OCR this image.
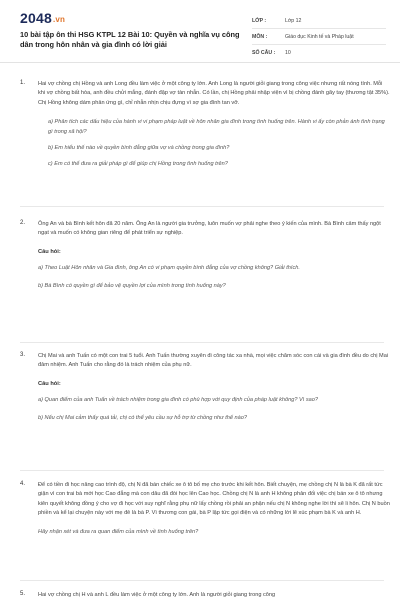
2048.vn
10 bài tập ôn thi HSG KTPL 12 Bài 10: Quyền và nghĩa vụ công dân trong hôn nhân và gia đình có lời giải
LỚP :	Lớp 12
MÔN :	Giáo dục Kinh tế và Pháp luật
SỐ CÂU :	10
1. Hai vợ chồng chị Hồng và anh Long đều làm việc ở một công ty lớn. Anh Long là người giỏi giang trong công việc nhưng rất nóng tính. Mỗi khi vợ chồng bất hòa, anh đều chửi mắng, đánh đập vợ tàn nhẫn. Có lần, chị Hồng phải nhập viện vì bị chồng đánh gãy tay (thương tật 35%). Chị Hồng không dám phản ứng gì, chỉ nhẫn nhịn chịu đựng vì sợ gia đình tan vỡ.

a) Phân tích các dấu hiệu của hành vi vi phạm pháp luật về hôn nhân gia đình trong tình huống trên. Hành vi ấy còn phản ánh tình trạng gì trong xã hội?

b) Em hiểu thế nào về quyền bình đẳng giữa vợ và chồng trong gia đình?

c) Em có thể đưa ra giải pháp gì để giúp chị Hồng trong tình huống trên?

2. Ông An và bà Bình kết hôn đã 20 năm. Ông An là người gia trưởng, luôn muốn vợ phải nghe theo ý kiến của mình. Bà Bình cảm thấy ngột ngạt và muốn có không gian riêng để phát triển sự nghiệp.

Câu hỏi:

a) Theo Luật Hôn nhân và Gia đình, ông An có vi phạm quyền bình đẳng của vợ chồng không? Giải thích.

b) Bà Bình có quyền gì để bảo vệ quyền lợi của mình trong tình huống này?

3. Chị Mai và anh Tuấn có một con trai 5 tuổi. Anh Tuấn thường xuyên đi công tác xa nhà, mọi việc chăm sóc con cái và gia đình đều do chị Mai đảm nhiệm. Anh Tuấn cho rằng đó là trách nhiệm của phụ nữ.

Câu hỏi:

a) Quan điểm của anh Tuấn về trách nhiệm trong gia đình có phù hợp với quy định của pháp luật không? Vì sao?

b) Nếu chị Mai cảm thấy quá tải, chị có thể yêu cầu sự hỗ trợ từ chồng như thế nào?

4. Để có tiền đi học nâng cao trình độ, chị N đã bán chiếc xe ô tô bố mẹ cho trước khi kết hôn. Biết chuyện, mẹ chồng chị N là bà K đã rất tức giận vì con trai bà mới học Cao đẳng mà con dâu đã đòi học lên Cao học. Chồng chị N là anh H không phản đối việc chị bán xe ô tô nhưng kiên quyết không đồng ý cho vợ đi học với suy nghĩ rằng phụ nữ lấy chồng rồi phải an phận nếu chị N không nghe lời thì sẽ li hôn. Chị N buồn phiền và kể lại chuyện này với mẹ đẻ là bà P. Vì thương con gái, bà P lập tức gọi điện và có những lời lẽ xúc phạm bà K và anh H.

Hãy nhận xét và đưa ra quan điểm của mình về tình huống trên?

5. Hai vợ chồng chị H và anh L đều làm việc ở một công ty lớn. Anh là người giỏi giang trong công
